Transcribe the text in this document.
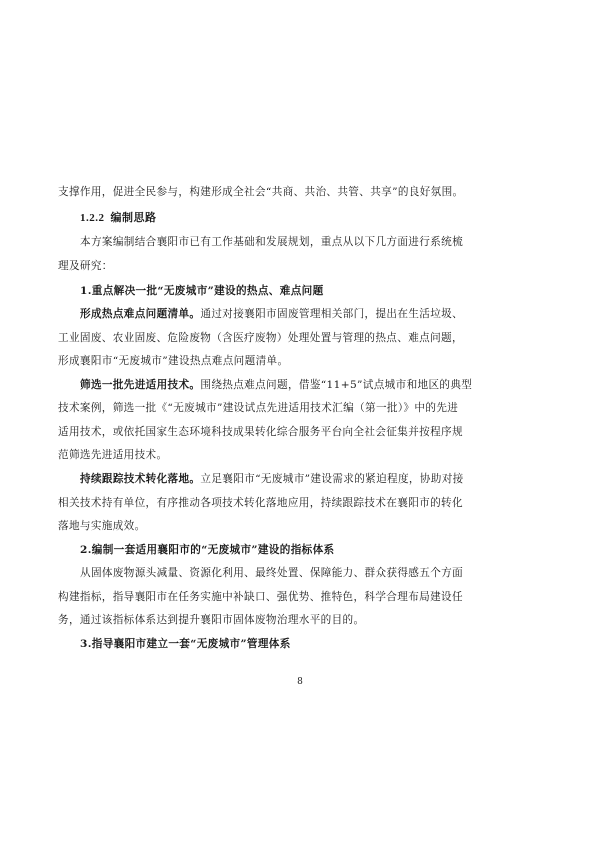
支撑作用，促进全民参与，构建形成全社会“共商、共治、共管、共享”的良好氛围。
1.2.2 编制思路
本方案编制结合襄阳市已有工作基础和发展规划，重点从以下几方面进行系统梳
理及研究：
1.重点解决一批“无废城市”建设的热点、难点问题
形成热点难点问题清单。通过对接襄阳市固废管理相关部门，提出在生活垃圾、
工业固废、农业固废、危险废物（含医疗废物）处理处置与管理的热点、难点问题，
形成襄阳市“无废城市”建设热点难点问题清单。
筛选一批先进适用技术。围绕热点难点问题，借鉴“11+5”试点城市和地区的典型
技术案例，筛选一批《“无废城市”建设试点先进适用技术汇编（第一批）》中的先进
适用技术，或依托国家生态环境科技成果转化综合服务平台向全社会征集并按程序规
范筛选先进适用技术。
持续跟踪技术转化落地。立足襄阳市“无废城市”建设需求的紧迫程度，协助对接
相关技术持有单位，有序推动各项技术转化落地应用，持续跟踪技术在襄阳市的转化
落地与实施成效。
2.编制一套适用襄阳市的“无废城市”建设的指标体系
从固体废物源头减量、资源化利用、最终处置、保障能力、群众获得感五个方面
构建指标，指导襄阳市在任务实施中补缺口、强优势、推特色，科学合理布局建设任
务，通过该指标体系达到提升襄阳市固体废物治理水平的目的。
3.指导襄阳市建立一套“无废城市”管理体系
8
